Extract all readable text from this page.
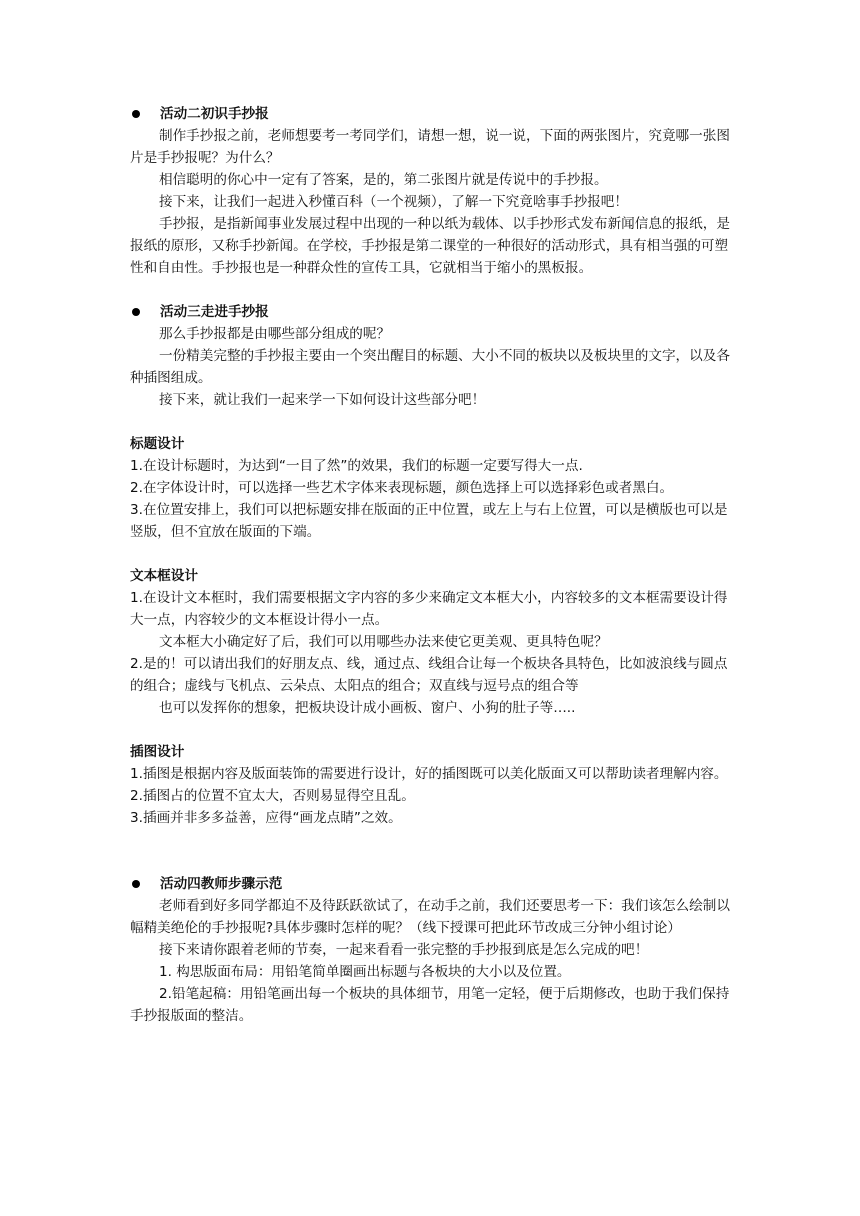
活动二初识手抄报

制作手抄报之前，老师想要考一考同学们，请想一想，说一说，下面的两张图片，究竟哪一张图片是手抄报呢？为什么？

相信聪明的你心中一定有了答案，是的，第二张图片就是传说中的手抄报。

接下来，让我们一起进入秒懂百科（一个视频），了解一下究竟啥事手抄报吧！

手抄报，是指新闻事业发展过程中出现的一种以纸为载体、以手抄形式发布新闻信息的报纸，是报纸的原形，又称手抄新闻。在学校，手抄报是第二课堂的一种很好的活动形式，具有相当强的可塑性和自由性。手抄报也是一种群众性的宣传工具，它就相当于缩小的黑板报。

活动三走进手抄报

那么手抄报都是由哪些部分组成的呢？

一份精美完整的手抄报主要由一个突出醒目的标题、大小不同的板块以及板块里的文字，以及各种插图组成。

接下来，就让我们一起来学一下如何设计这些部分吧！

标题设计

1.在设计标题时，为达到“一目了然”的效果，我们的标题一定要写得大一点.

2.在字体设计时，可以选择一些艺术字体来表现标题，颜色选择上可以选择彩色或者黑白。

3.在位置安排上，我们可以把标题安排在版面的正中位置，或左上与右上位置，可以是横版也可以是竖版，但不宜放在版面的下端。

文本框设计

1.在设计文本框时，我们需要根据文字内容的多少来确定文本框大小，内容较多的文本框需要设计得大一点，内容较少的文本框设计得小一点。

文本框大小确定好了后，我们可以用哪些办法来使它更美观、更具特色呢？

2.是的！可以请出我们的好朋友点、线，通过点、线组合让每一个板块各具特色，比如波浪线与圆点的组合；虚线与飞机点、云朵点、太阳点的组合；双直线与逗号点的组合等

也可以发挥你的想象，把板块设计成小画板、窗户、小狗的肚子等…..

插图设计

1.插图是根据内容及版面装饰的需要进行设计，好的插图既可以美化版面又可以帮助读者理解内容。

2.插图占的位置不宜太大，否则易显得空且乱。

3.插画并非多多益善，应得“画龙点睛”之效。

活动四教师步骤示范

老师看到好多同学都迫不及待跃跃欲试了，在动手之前，我们还要思考一下：我们该怎么绘制以幅精美绝伦的手抄报呢?具体步骤时怎样的呢？（线下授课可把此环节改成三分钟小组讨论）

接下来请你跟着老师的节奏，一起来看看一张完整的手抄报到底是怎么完成的吧！

1. 构思版面布局：用铅笔简单圈画出标题与各板块的大小以及位置。

2.铅笔起稿：用铅笔画出每一个板块的具体细节，用笔一定轻，便于后期修改，也助于我们保持手抄报版面的整洁。
